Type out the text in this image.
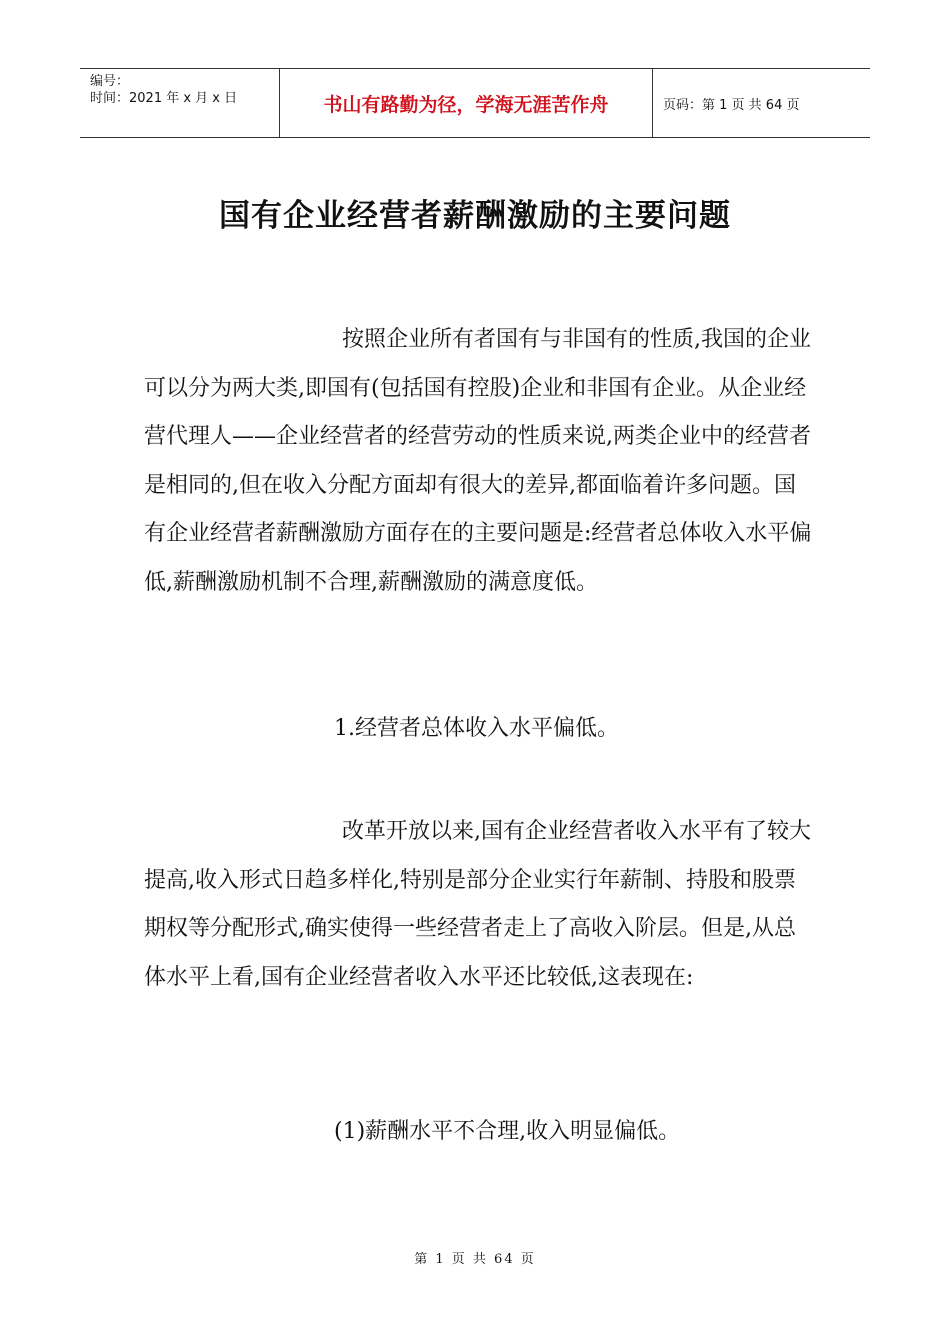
编号：
时间：2021 年 x 月 x 日	书山有路勤为径，学海无涯苦作舟	页码：第 1 页 共 64 页
国有企业经营者薪酬激励的主要问题

按照企业所有者国有与非国有的性质,我国的企业可以分为两大类,即国有(包括国有控股)企业和非国有企业。从企业经营代理人——企业经营者的经营劳动的性质来说,两类企业中的经营者是相同的,但在收入分配方面却有很大的差异,都面临着许多问题。国有企业经营者薪酬激励方面存在的主要问题是:经营者总体收入水平偏低,薪酬激励机制不合理,薪酬激励的满意度低。

1.经营者总体收入水平偏低。

改革开放以来,国有企业经营者收入水平有了较大提高,收入形式日趋多样化,特别是部分企业实行年薪制、持股和股票期权等分配形式,确实使得一些经营者走上了高收入阶层。但是,从总体水平上看,国有企业经营者收入水平还比较低,这表现在:

(1)薪酬水平不合理,收入明显偏低。

第 1 页 共 64 页
